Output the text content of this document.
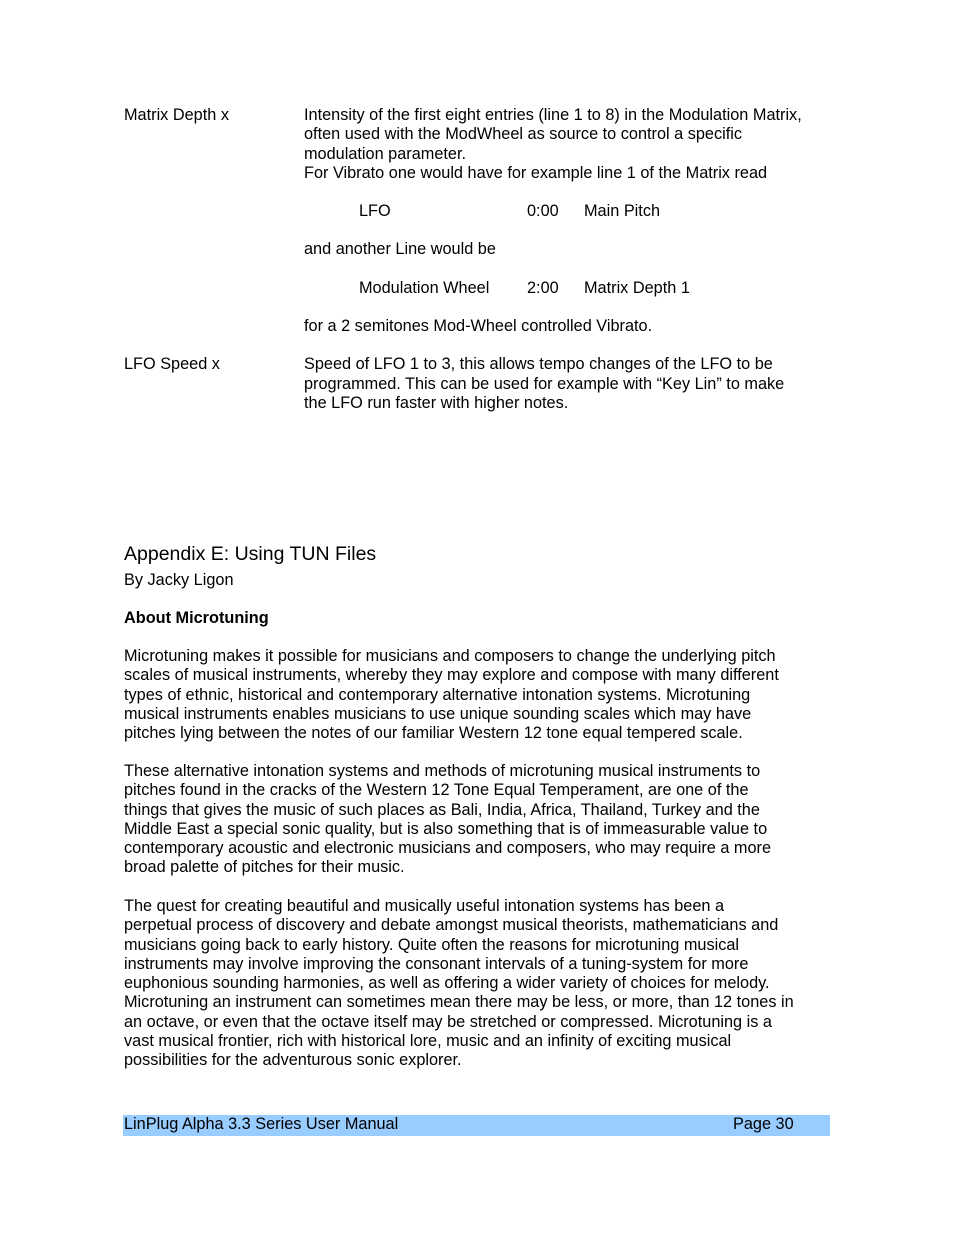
Matrix Depth x	Intensity of the first eight entries (line 1 to 8) in the Modulation Matrix,
often used with the ModWheel as source to control a specific
modulation parameter.
For Vibrato one would have for example line 1 of the Matrix read
LFO	0:00 Main Pitch
and another Line would be
Modulation Wheel 2:00 Matrix Depth 1
for a 2 semitones Mod-Wheel controlled Vibrato.
LFO Speed x	Speed of LFO 1 to 3, this allows tempo changes of the LFO to be
programmed. This can be used for example with “Key Lin” to make
the LFO run faster with higher notes.
Appendix E: Using TUN Files
By Jacky Ligon
About Microtuning
Microtuning makes it possible for musicians and composers to change the underlying pitch
scales of musical instruments, whereby they may explore and compose with many different
types of ethnic, historical and contemporary alternative intonation systems. Microtuning
musical instruments enables musicians to use unique sounding scales which may have
pitches lying between the notes of our familiar Western 12 tone equal tempered scale.
These alternative intonation systems and methods of microtuning musical instruments to
pitches found in the cracks of the Western 12 Tone Equal Temperament, are one of the
things that gives the music of such places as Bali, India, Africa, Thailand, Turkey and the
Middle East a special sonic quality, but is also something that is of immeasurable value to
contemporary acoustic and electronic musicians and composers, who may require a more
broad palette of pitches for their music.
The quest for creating beautiful and musically useful intonation systems has been a
perpetual process of discovery and debate amongst musical theorists, mathematicians and
musicians going back to early history. Quite often the reasons for microtuning musical
instruments may involve improving the consonant intervals of a tuning-system for more
euphonious sounding harmonies, as well as offering a wider variety of choices for melody.
Microtuning an instrument can sometimes mean there may be less, or more, than 12 tones in
an octave, or even that the octave itself may be stretched or compressed. Microtuning is a
vast musical frontier, rich with historical lore, music and an infinity of exciting musical
possibilities for the adventurous sonic explorer.
LinPlug Alpha 3.3 Series User Manual	Page 30
